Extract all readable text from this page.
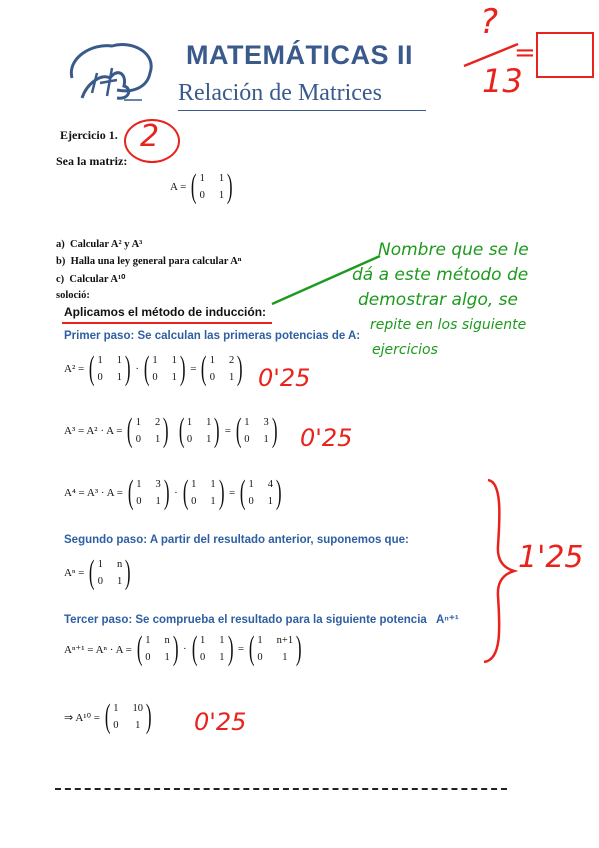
MATEMÁTICAS II
Relación de Matrices
?
13
=
Ejercicio 1. 2
Sea la matriz:
A = ( 1 1
0 1 )
a) Calcular A² y A³
b) Halla una ley general para calcular Aⁿ
c) Calcular A¹⁰
soloció:
Aplicamos el método de inducción:
Nombre que se le
dá a este método de
demostrar algo, se
repite en los siguiente
ejercicios
Primer paso: Se calculan las primeras potencias de A:
A² = ( 1 1
0 1 ) · ( 1 1
0 1 ) = ( 1 2
0 1 ) 0'25
A³ = A² · A = ( 1 2
0 1 ) ( 1 1
0 1 ) = ( 1 3
0 1 ) 0'25
A⁴ = A³ · A = ( 1 3
0 1 ) · ( 1 1
0 1 ) = ( 1 4
0 1 )
1'25
Segundo paso: A partir del resultado anterior, suponemos que:
Aⁿ = ( 1 n
0 1 )
Tercer paso: Se comprueba el resultado para la siguiente potencia Aⁿ⁺¹
Aⁿ⁺¹ = Aⁿ · A = ( 1 n
0 1 ) · ( 1 1
0 1 ) = ( 1 n+1
0	1 )
⇒ A¹⁰ = ( 1 10
0 1 ) 0'25
